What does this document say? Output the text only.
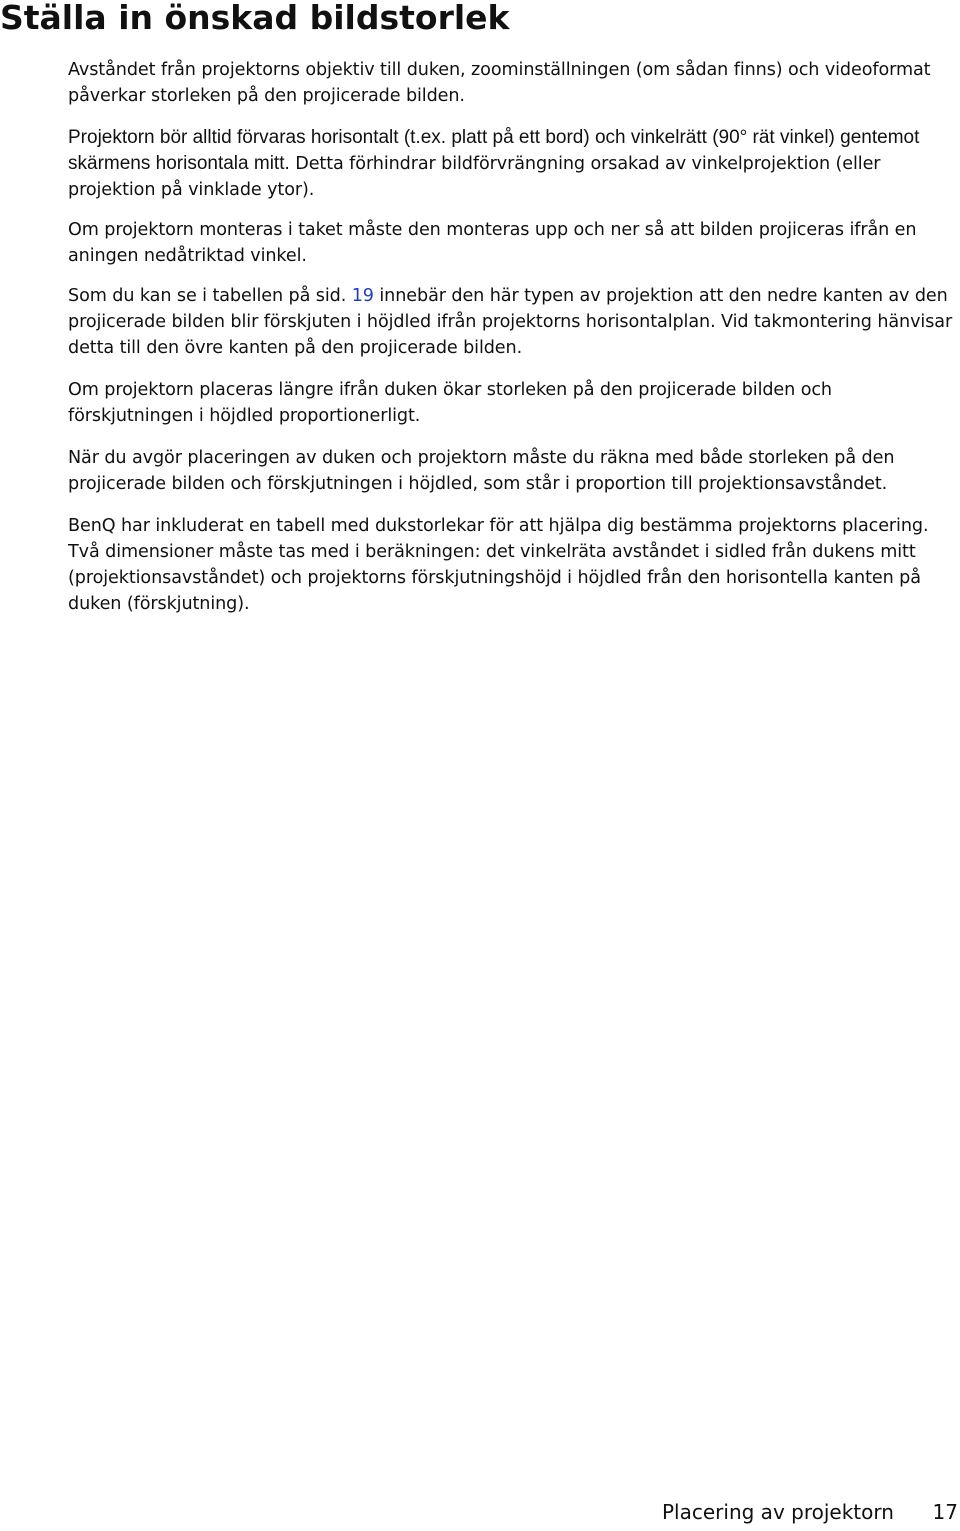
Ställa in önskad bildstorlek

Avståndet från projektorns objektiv till duken, zoominställningen (om sådan finns) och videoformat påverkar storleken på den projicerade bilden.

Projektorn bör alltid förvaras horisontalt (t.ex. platt på ett bord) och vinkelrätt (90° rät vinkel) gentemot skärmens horisontala mitt. Detta förhindrar bildförvrängning orsakad av vinkelprojektion (eller projektion på vinklade ytor).

Om projektorn monteras i taket måste den monteras upp och ner så att bilden projiceras ifrån en aningen nedåtriktad vinkel.

Som du kan se i tabellen på sid. 19 innebär den här typen av projektion att den nedre kanten av den projicerade bilden blir förskjuten i höjdled ifrån projektorns horisontalplan. Vid takmontering hänvisar detta till den övre kanten på den projicerade bilden.

Om projektorn placeras längre ifrån duken ökar storleken på den projicerade bilden och förskjutningen i höjdled proportionerligt.

När du avgör placeringen av duken och projektorn måste du räkna med både storleken på den projicerade bilden och förskjutningen i höjdled, som står i proportion till projektionsavståndet.

BenQ har inkluderat en tabell med dukstorlekar för att hjälpa dig bestämma projektorns placering. Två dimensioner måste tas med i beräkningen: det vinkelräta avståndet i sidled från dukens mitt (projektionsavståndet) och projektorns förskjutningshöjd i höjdled från den horisontella kanten på duken (förskjutning).

Placering av projektorn 17
